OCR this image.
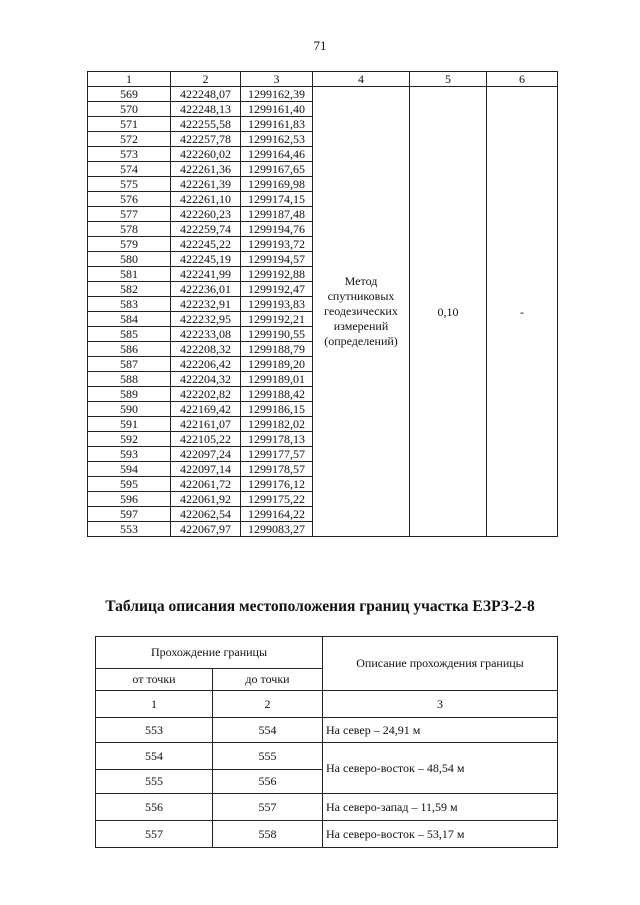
71
1	2	3	4	5	6
569	422248,07	1299162,39	Метод
спутниковых
геодезических
измерений
(определений)	0,10	-
570	422248,13	1299161,40			
571	422255,58	1299161,83			
572	422257,78	1299162,53			
573	422260,02	1299164,46			
574	422261,36	1299167,65			
575	422261,39	1299169,98			
576	422261,10	1299174,15			
577	422260,23	1299187,48			
578	422259,74	1299194,76			
579	422245,22	1299193,72			
580	422245,19	1299194,57			
581	422241,99	1299192,88			
582	422236,01	1299192,47			
583	422232,91	1299193,83			
584	422232,95	1299192,21			
585	422233,08	1299190,55			
586	422208,32	1299188,79			
587	422206,42	1299189,20			
588	422204,32	1299189,01			
589	422202,82	1299188,42			
590	422169,42	1299186,15			
591	422161,07	1299182,02			
592	422105,22	1299178,13			
593	422097,24	1299177,57			
594	422097,14	1299178,57			
595	422061,72	1299176,12			
596	422061,92	1299175,22			
597	422062,54	1299164,22			
553	422067,97	1299083,27			
Таблица описания местоположения границ участка ЕЗРЗ-2-8
Прохождение границы		Описание прохождения границы
от точки	до точки	
1	2	3
553	554	На север – 24,91 м
554	555	На северо-восток – 48,54 м
555	556	
556	557	На северо-запад – 11,59 м
557	558	На северо-восток – 53,17 м
